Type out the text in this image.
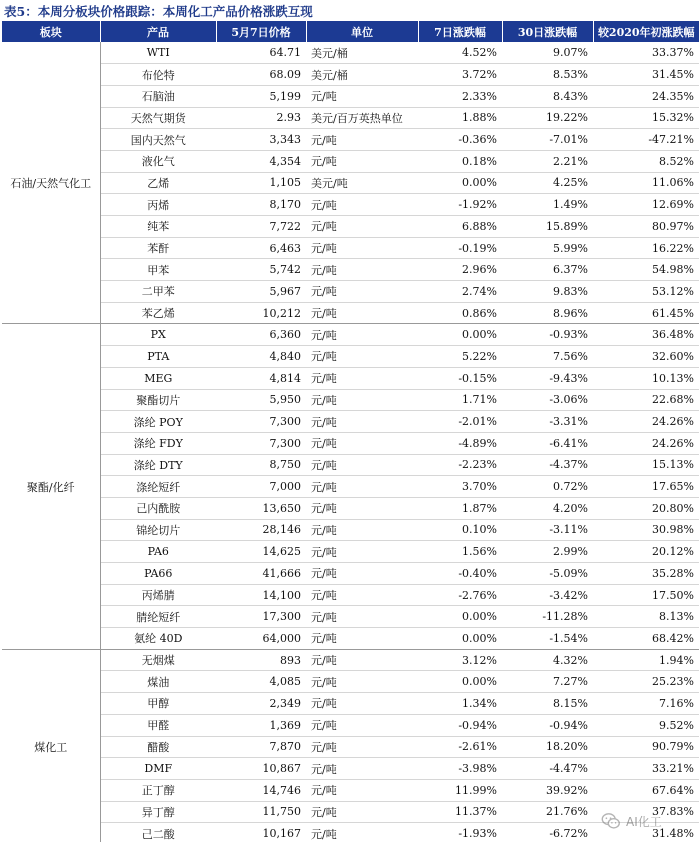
表5：本周分板块价格跟踪：本周化工产品价格涨跌互现
板块	产品	5月7日价格	单位	7日涨跌幅	30日涨跌幅	较2020年初涨跌幅
石油/天然气化工	WTI	64.71	美元/桶	4.52%	9.07%	33.37%
	布伦特	68.09	美元/桶	3.72%	8.53%	31.45%
	石脑油	5,199	元/吨	2.33%	8.43%	24.35%
	天然气期货	2.93	美元/百万英热单位	1.88%	19.22%	15.32%
	国内天然气	3,343	元/吨	-0.36%	-7.01%	-47.21%
	液化气	4,354	元/吨	0.18%	2.21%	8.52%
	乙烯	1,105	美元/吨	0.00%	4.25%	11.06%
	丙烯	8,170	元/吨	-1.92%	1.49%	12.69%
	纯苯	7,722	元/吨	6.88%	15.89%	80.97%
	苯酐	6,463	元/吨	-0.19%	5.99%	16.22%
	甲苯	5,742	元/吨	2.96%	6.37%	54.98%
	二甲苯	5,967	元/吨	2.74%	9.83%	53.12%
	苯乙烯	10,212	元/吨	0.86%	8.96%	61.45%
聚酯/化纤	PX	6,360	元/吨	0.00%	-0.93%	36.48%
	PTA	4,840	元/吨	5.22%	7.56%	32.60%
	MEG	4,814	元/吨	-0.15%	-9.43%	10.13%
	聚酯切片	5,950	元/吨	1.71%	-3.06%	22.68%
	涤纶 POY	7,300	元/吨	-2.01%	-3.31%	24.26%
	涤纶 FDY	7,300	元/吨	-4.89%	-6.41%	24.26%
	涤纶 DTY	8,750	元/吨	-2.23%	-4.37%	15.13%
	涤纶短纤	7,000	元/吨	3.70%	0.72%	17.65%
	己内酰胺	13,650	元/吨	1.87%	4.20%	20.80%
	锦纶切片	28,146	元/吨	0.10%	-3.11%	30.98%
	PA6	14,625	元/吨	1.56%	2.99%	20.12%
	PA66	41,666	元/吨	-0.40%	-5.09%	35.28%
	丙烯腈	14,100	元/吨	-2.76%	-3.42%	17.50%
	腈纶短纤	17,300	元/吨	0.00%	-11.28%	8.13%
	氨纶 40D	64,000	元/吨	0.00%	-1.54%	68.42%
煤化工	无烟煤	893	元/吨	3.12%	4.32%	1.94%
	煤油	4,085	元/吨	0.00%	7.27%	25.23%
	甲醇	2,349	元/吨	1.34%	8.15%	7.16%
	甲醛	1,369	元/吨	-0.94%	-0.94%	9.52%
	醋酸	7,870	元/吨	-2.61%	18.20%	90.79%
	DMF	10,867	元/吨	-3.98%	-4.47%	33.21%
	正丁醇	14,746	元/吨	11.99%	39.92%	67.64%
	异丁醇	11,750	元/吨	11.37%	21.76%	37.83%
	己二酸	10,167	元/吨	-1.93%	-6.72%	31.48%
AI化工
